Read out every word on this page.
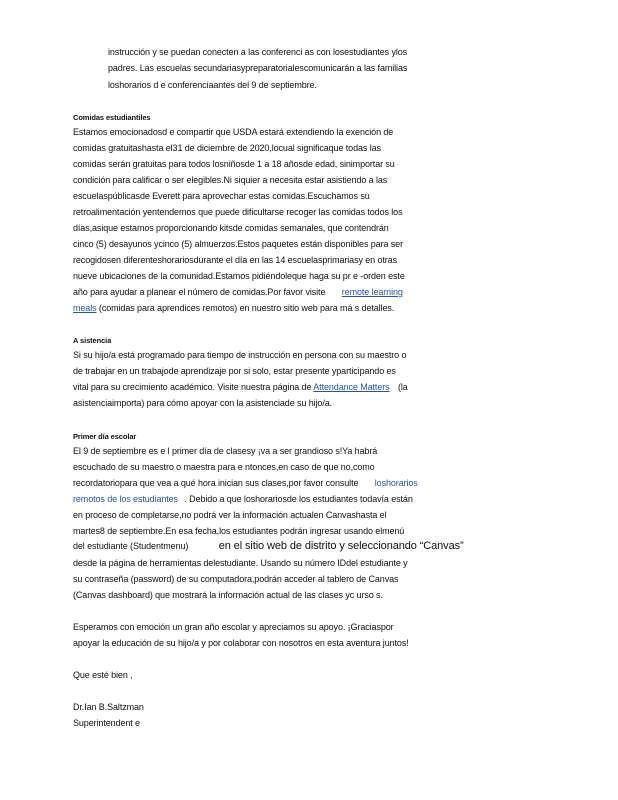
instrucción y se puedan conecten a las conferenci as con losestudiantes ylos
padres. Las escuelas secundariasypreparatorialescomunicarán a las familias
loshorarios d e conferenciaantes del 9 de septiembre.
Comidas estudiantiles
Estamos emocionadosd e compartir que USDA estará extendiendo la exención de
comidas gratuitashasta el31 de diciembre de 2020,locual significaque todas las
comidas serán gratuitas para todos losniñosde 1 a 18 añosde edad, sinimportar su
condición para calificar o ser elegibles.Ni siquier a necesita estar asistiendo a las
escuelaspúblicasde Everett para aprovechar estas comidas.Escuchamos su
retroalimentación yentendemos que puede dificultarse recoger las comidas todos los
días,asique estamos proporcionando kitsde comidas semanales, que contendrán
cinco (5) desayunos ycinco (5) almuerzos.Estos paquetes están disponibles para ser
recogidosen diferenteshorariosdurante el día en las 14 escuelasprimariasy en otras
nueve ubicaciones de la comunidad.Estamos pidiéndoleque haga su pr e -orden este
año para ayudar a planear el número de comidas.Por favor visite remote learning
meals (comidas para aprendices remotos) en nuestro sitio web para má s detalles.
A sistencia
Si su hijo/a está programado para tiempo de instrucción en persona con su maestro o
de trabajar en un trabajode aprendizaje por si solo, estar presente yparticipando es
vital para su crecimiento académico. Visite nuestra página de Attendance Matters (la
asistenciaimporta) para cómo apoyar con la asistenciade su hijo/a.
Primer día escolar
El 9 de septiembre es e l primer día de clasesy ¡va a ser grandioso s!Ya habrá
escuchado de su maestro o maestra para e ntonces,en caso de que no,como
recordatoriopara que vea a qué hora inician sus clases,por favor consulte loshorarios
remotos de los estudiantes . Debido a que loshorariosde los estudiantes todavía están
en proceso de completarse,no podrá ver la información actualen Canvashasta el
martes8 de septiembre.En esa fecha,los estudiantes podrán ingresar usando elmenú
del estudiante (Studentmenu)	en el sitio web de distrito y seleccionando “Canvas”
desde la página de herramientas delestudiante. Usando su número IDdel estudiante y
su contraseña (password) de su computadora,podrán acceder al tablero de Canvas
(Canvas dashboard) que mostrará la información actual de las clases yc urso s.
Esperamos con emoción un gran año escolar y apreciamos su apoyo. ¡Graciaspor
apoyar la educación de su hijo/a y por colaborar con nosotros en esta aventura juntos!
Que esté bien ,
Dr.Ian B.Saltzman
Superintendent e
